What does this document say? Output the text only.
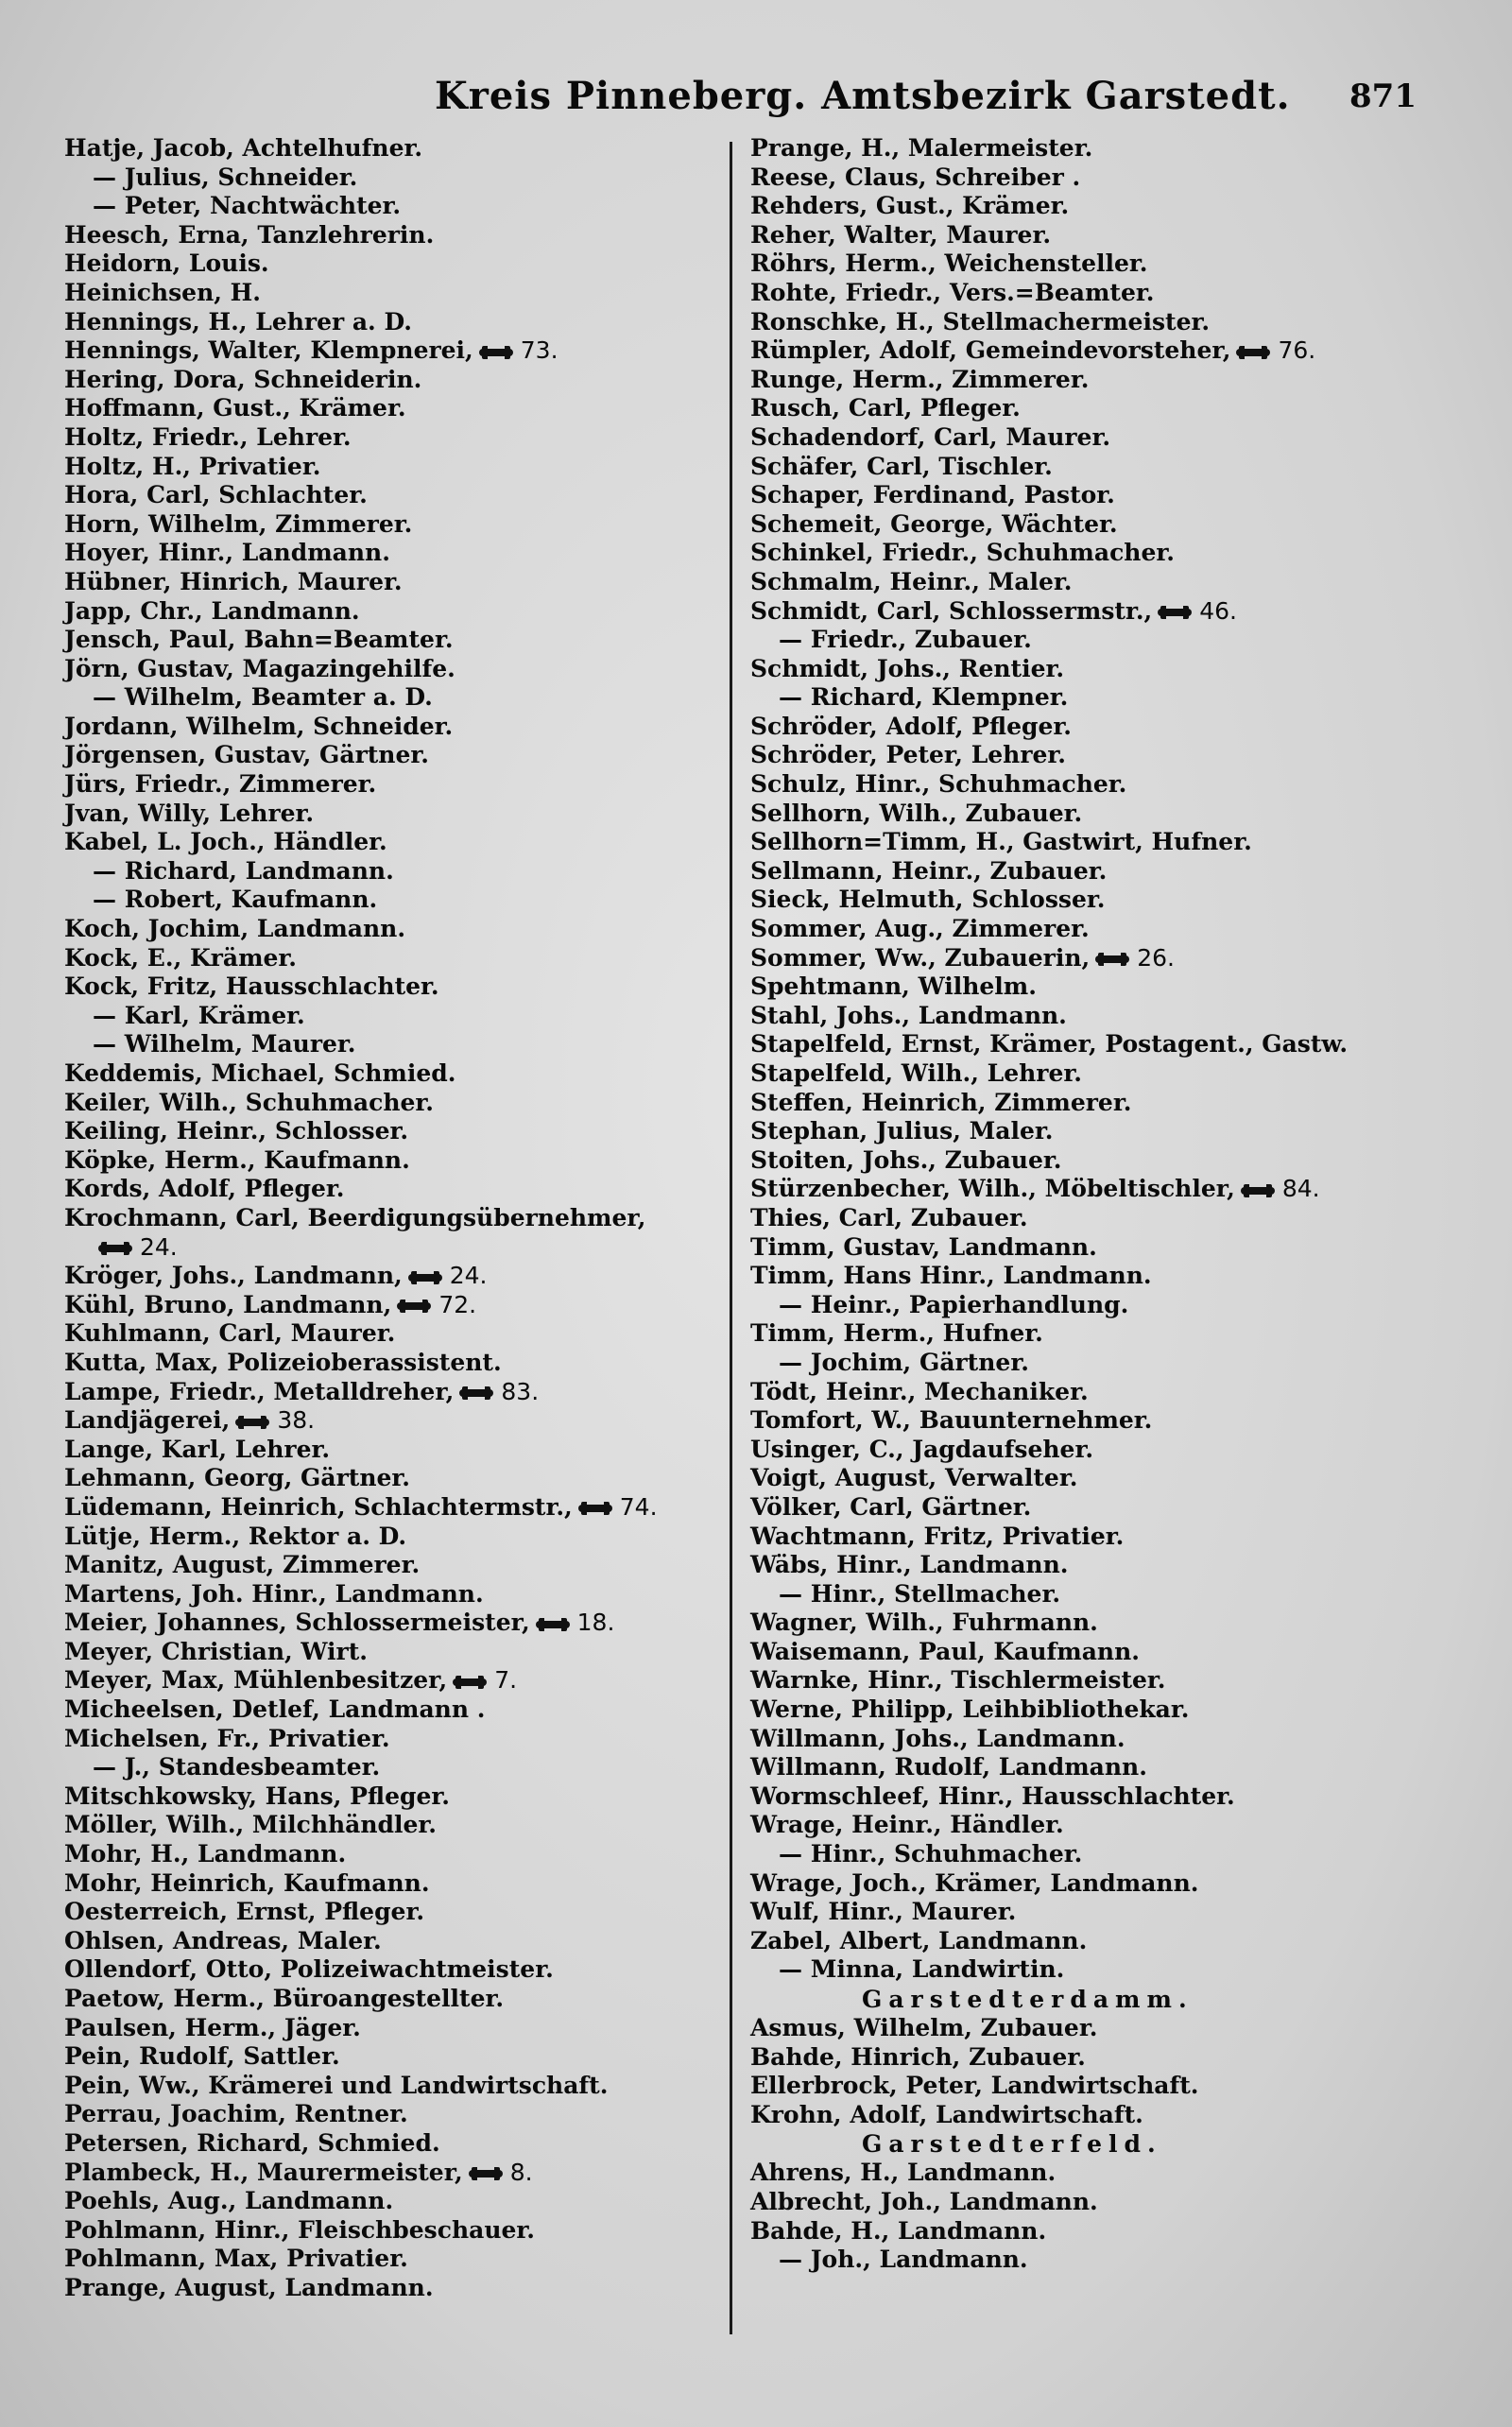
Kreis Pinneberg. Amtsbezirk Garstedt. 871
Hatje, Jacob, Achtelhufner.
— Julius, Schneider.
— Peter, Nachtwächter.
Heesch, Erna, Tanzlehrerin.
Heidorn, Louis.
Heinichsen, H.
Hennings, H., Lehrer a. D.
Hennings, Walter, Klempnerei, 73.
Hering, Dora, Schneiderin.
Hoffmann, Gust., Krämer.
Holtz, Friedr., Lehrer.
Holtz, H., Privatier.
Hora, Carl, Schlachter.
Horn, Wilhelm, Zimmerer.
Hoyer, Hinr., Landmann.
Hübner, Hinrich, Maurer.
Japp, Chr., Landmann.
Jensch, Paul, Bahn=Beamter.
Jörn, Gustav, Magazingehilfe.
— Wilhelm, Beamter a. D.
Jordann, Wilhelm, Schneider.
Jörgensen, Gustav, Gärtner.
Jürs, Friedr., Zimmerer.
Jvan, Willy, Lehrer.
Kabel, L. Joch., Händler.
— Richard, Landmann.
— Robert, Kaufmann.
Koch, Jochim, Landmann.
Kock, E., Krämer.
Kock, Fritz, Hausschlachter.
— Karl, Krämer.
— Wilhelm, Maurer.
Keddemis, Michael, Schmied.
Keiler, Wilh., Schuhmacher.
Keiling, Heinr., Schlosser.
Köpke, Herm., Kaufmann.
Kords, Adolf, Pfleger.
Krochmann, Carl, Beerdigungsübernehmer,
24.
Kröger, Johs., Landmann, 24.
Kühl, Bruno, Landmann, 72.
Kuhlmann, Carl, Maurer.
Kutta, Max, Polizeioberassistent.
Lampe, Friedr., Metalldreher, 83.
Landjägerei, 38.
Lange, Karl, Lehrer.
Lehmann, Georg, Gärtner.
Lüdemann, Heinrich, Schlachtermstr., 74.
Lütje, Herm., Rektor a. D.
Manitz, August, Zimmerer.
Martens, Joh. Hinr., Landmann.
Meier, Johannes, Schlossermeister, 18.
Meyer, Christian, Wirt.
Meyer, Max, Mühlenbesitzer, 7.
Micheelsen, Detlef, Landmann .
Michelsen, Fr., Privatier.
— J., Standesbeamter.
Mitschkowsky, Hans, Pfleger.
Möller, Wilh., Milchhändler.
Mohr, H., Landmann.
Mohr, Heinrich, Kaufmann.
Oesterreich, Ernst, Pfleger.
Ohlsen, Andreas, Maler.
Ollendorf, Otto, Polizeiwachtmeister.
Paetow, Herm., Büroangestellter.
Paulsen, Herm., Jäger.
Pein, Rudolf, Sattler.
Pein, Ww., Krämerei und Landwirtschaft.
Perrau, Joachim, Rentner.
Petersen, Richard, Schmied.
Plambeck, H., Maurermeister, 8.
Poehls, Aug., Landmann.
Pohlmann, Hinr., Fleischbeschauer.
Pohlmann, Max, Privatier.
Prange, August, Landmann.
Prange, H., Malermeister.
Reese, Claus, Schreiber .
Rehders, Gust., Krämer.
Reher, Walter, Maurer.
Röhrs, Herm., Weichensteller.
Rohte, Friedr., Vers.=Beamter.
Ronschke, H., Stellmachermeister.
Rümpler, Adolf, Gemeindevorsteher, 76.
Runge, Herm., Zimmerer.
Rusch, Carl, Pfleger.
Schadendorf, Carl, Maurer.
Schäfer, Carl, Tischler.
Schaper, Ferdinand, Pastor.
Schemeit, George, Wächter.
Schinkel, Friedr., Schuhmacher.
Schmalm, Heinr., Maler.
Schmidt, Carl, Schlossermstr., 46.
— Friedr., Zubauer.
Schmidt, Johs., Rentier.
— Richard, Klempner.
Schröder, Adolf, Pfleger.
Schröder, Peter, Lehrer.
Schulz, Hinr., Schuhmacher.
Sellhorn, Wilh., Zubauer.
Sellhorn=Timm, H., Gastwirt, Hufner.
Sellmann, Heinr., Zubauer.
Sieck, Helmuth, Schlosser.
Sommer, Aug., Zimmerer.
Sommer, Ww., Zubauerin, 26.
Spehtmann, Wilhelm.
Stahl, Johs., Landmann.
Stapelfeld, Ernst, Krämer, Postagent., Gastw.
Stapelfeld, Wilh., Lehrer.
Steffen, Heinrich, Zimmerer.
Stephan, Julius, Maler.
Stoiten, Johs., Zubauer.
Stürzenbecher, Wilh., Möbeltischler, 84.
Thies, Carl, Zubauer.
Timm, Gustav, Landmann.
Timm, Hans Hinr., Landmann.
— Heinr., Papierhandlung.
Timm, Herm., Hufner.
— Jochim, Gärtner.
Tödt, Heinr., Mechaniker.
Tomfort, W., Bauunternehmer.
Usinger, C., Jagdaufseher.
Voigt, August, Verwalter.
Völker, Carl, Gärtner.
Wachtmann, Fritz, Privatier.
Wäbs, Hinr., Landmann.
— Hinr., Stellmacher.
Wagner, Wilh., Fuhrmann.
Waisemann, Paul, Kaufmann.
Warnke, Hinr., Tischlermeister.
Werne, Philipp, Leihbibliothekar.
Willmann, Johs., Landmann.
Willmann, Rudolf, Landmann.
Wormschleef, Hinr., Hausschlachter.
Wrage, Heinr., Händler.
— Hinr., Schuhmacher.
Wrage, Joch., Krämer, Landmann.
Wulf, Hinr., Maurer.
Zabel, Albert, Landmann.
— Minna, Landwirtin.
Garstedterdamm.
Asmus, Wilhelm, Zubauer.
Bahde, Hinrich, Zubauer.
Ellerbrock, Peter, Landwirtschaft.
Krohn, Adolf, Landwirtschaft.
Garstedterfeld.
Ahrens, H., Landmann.
Albrecht, Joh., Landmann.
Bahde, H., Landmann.
— Joh., Landmann.
